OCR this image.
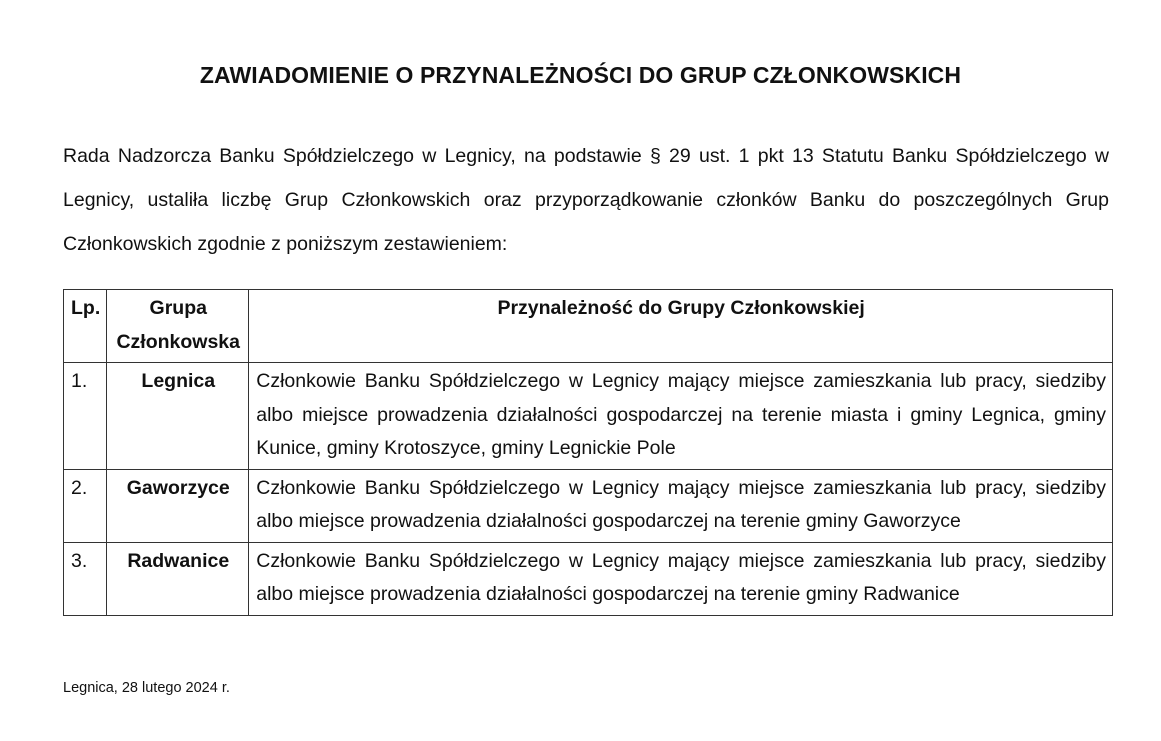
ZAWIADOMIENIE O PRZYNALEŻNOŚCI DO GRUP CZŁONKOWSKICH

Rada Nadzorcza Banku Spółdzielczego w Legnicy, na podstawie § 29 ust. 1 pkt 13 Statutu Banku Spółdzielczego w Legnicy, ustaliła liczbę Grup Członkowskich oraz przyporządkowanie członków Banku do poszczególnych Grup Członkowskich zgodnie z poniższym zestawieniem:

Lp.	Grupa Członkowska	Przynależność do Grupy Członkowskiej
1.	Legnica	Członkowie Banku Spółdzielczego w Legnicy mający miejsce zamieszkania lub pracy, siedziby albo miejsce prowadzenia działalności gospodarczej na terenie miasta i gminy Legnica, gminy Kunice, gminy Krotoszyce, gminy Legnickie Pole
2.	Gaworzyce	Członkowie Banku Spółdzielczego w Legnicy mający miejsce zamieszkania lub pracy, siedziby albo miejsce prowadzenia działalności gospodarczej na terenie gminy Gaworzyce
3.	Radwanice	Członkowie Banku Spółdzielczego w Legnicy mający miejsce zamieszkania lub pracy, siedziby albo miejsce prowadzenia działalności gospodarczej na terenie gminy Radwanice

Legnica, 28 lutego 2024 r.
